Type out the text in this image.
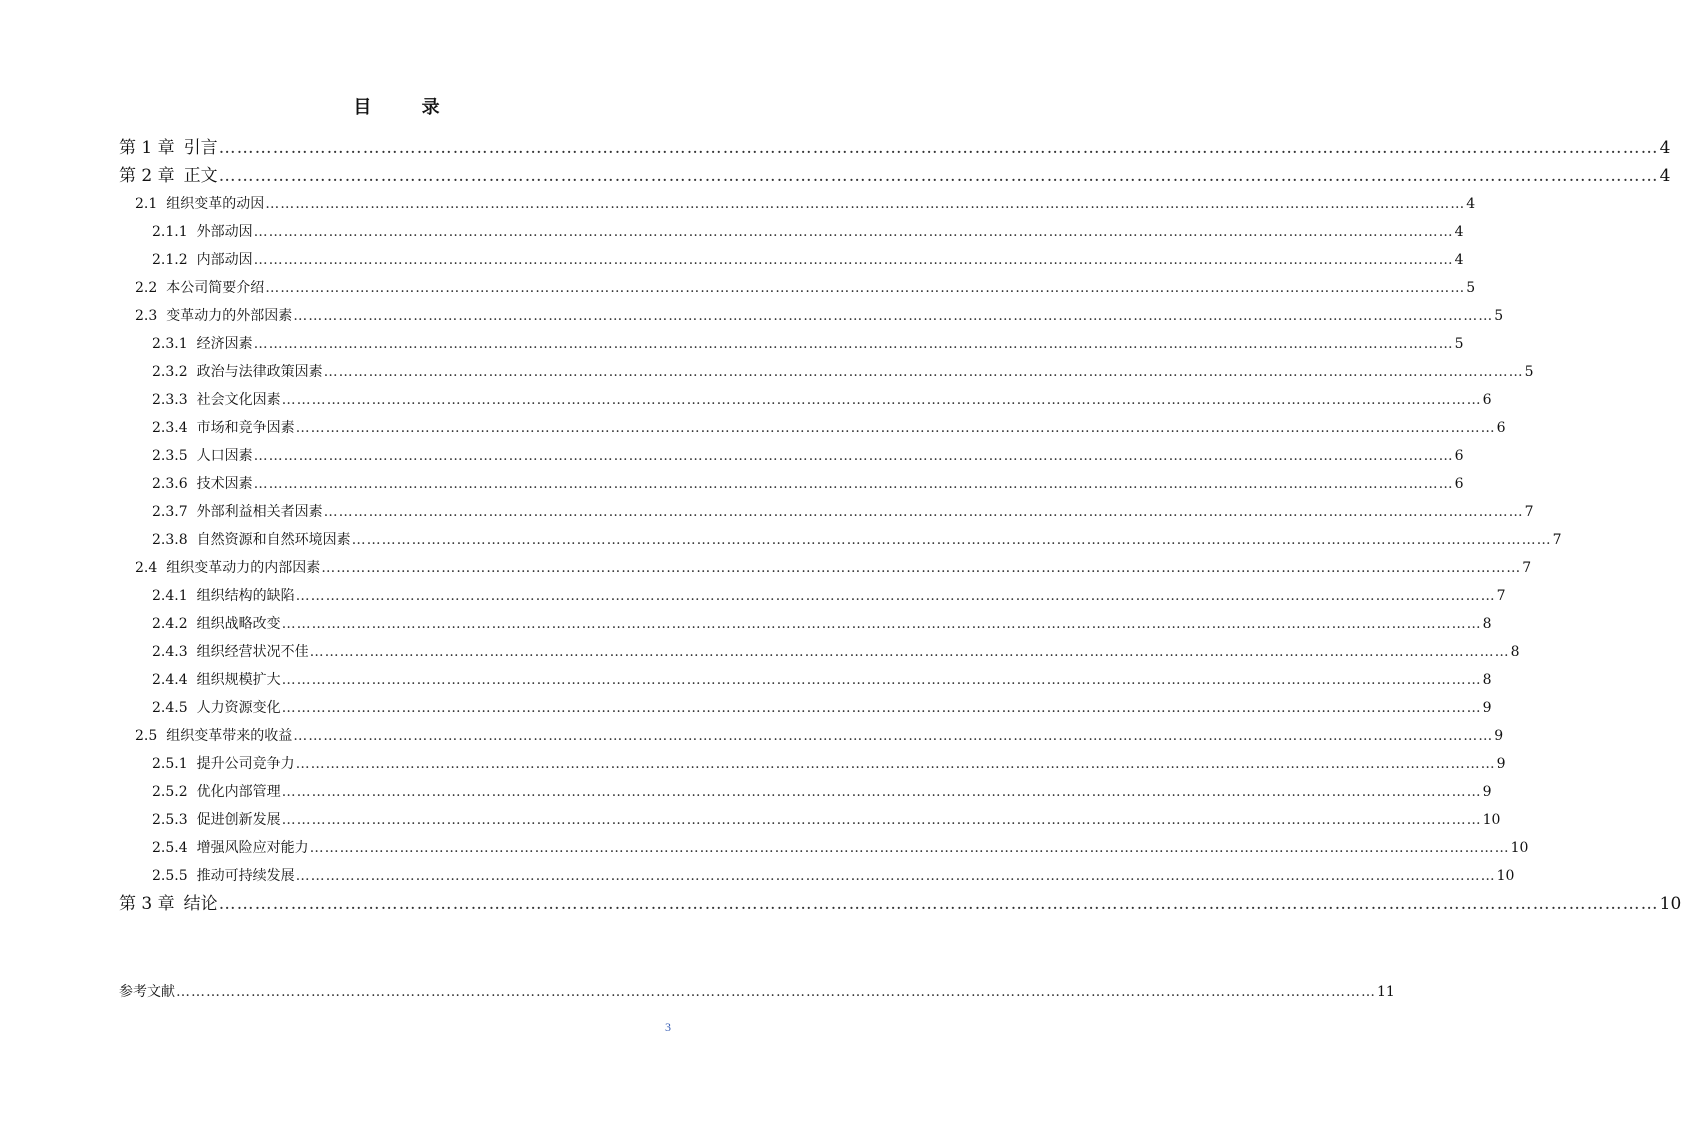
目 录
第 1 章 引言 …………………………………………………………………………………………………………………………………………………………………………………………………………………… 4
第 2 章 正文 …………………………………………………………………………………………………………………………………………………………………………………………………………………… 4
2.1 组织变革的动因 …………………………………………………………………………………………………………………………………………………………………………………………………………………… 4
2.1.1 外部动因 …………………………………………………………………………………………………………………………………………………………………………………………………………………… 4
2.1.2 内部动因 …………………………………………………………………………………………………………………………………………………………………………………………………………………… 4
2.2 本公司简要介绍 …………………………………………………………………………………………………………………………………………………………………………………………………………………… 5
2.3 变革动力的外部因素 …………………………………………………………………………………………………………………………………………………………………………………………………………………… 5
2.3.1 经济因素 …………………………………………………………………………………………………………………………………………………………………………………………………………………… 5
2.3.2 政治与法律政策因素 …………………………………………………………………………………………………………………………………………………………………………………………………………………… 5
2.3.3 社会文化因素 …………………………………………………………………………………………………………………………………………………………………………………………………………………… 6
2.3.4 市场和竞争因素 …………………………………………………………………………………………………………………………………………………………………………………………………………………… 6
2.3.5 人口因素 …………………………………………………………………………………………………………………………………………………………………………………………………………………… 6
2.3.6 技术因素 …………………………………………………………………………………………………………………………………………………………………………………………………………………… 6
2.3.7 外部利益相关者因素 …………………………………………………………………………………………………………………………………………………………………………………………………………………… 7
2.3.8 自然资源和自然环境因素 …………………………………………………………………………………………………………………………………………………………………………………………………………………… 7
2.4 组织变革动力的内部因素 …………………………………………………………………………………………………………………………………………………………………………………………………………………… 7
2.4.1 组织结构的缺陷 …………………………………………………………………………………………………………………………………………………………………………………………………………………… 7
2.4.2 组织战略改变 …………………………………………………………………………………………………………………………………………………………………………………………………………………… 8
2.4.3 组织经营状况不佳 …………………………………………………………………………………………………………………………………………………………………………………………………………………… 8
2.4.4 组织规模扩大 …………………………………………………………………………………………………………………………………………………………………………………………………………………… 8
2.4.5 人力资源变化 …………………………………………………………………………………………………………………………………………………………………………………………………………………… 9
2.5 组织变革带来的收益 …………………………………………………………………………………………………………………………………………………………………………………………………………………… 9
2.5.1 提升公司竞争力 …………………………………………………………………………………………………………………………………………………………………………………………………………………… 9
2.5.2 优化内部管理 …………………………………………………………………………………………………………………………………………………………………………………………………………………… 9
2.5.3 促进创新发展 …………………………………………………………………………………………………………………………………………………………………………………………………………………… 10
2.5.4 增强风险应对能力 …………………………………………………………………………………………………………………………………………………………………………………………………………………… 10
2.5.5 推动可持续发展 …………………………………………………………………………………………………………………………………………………………………………………………………………………… 10
第 3 章 结论 …………………………………………………………………………………………………………………………………………………………………………………………………………………… 10
参考文献 …………………………………………………………………………………………………………………………………………………………………………………………………………………… 11
3
